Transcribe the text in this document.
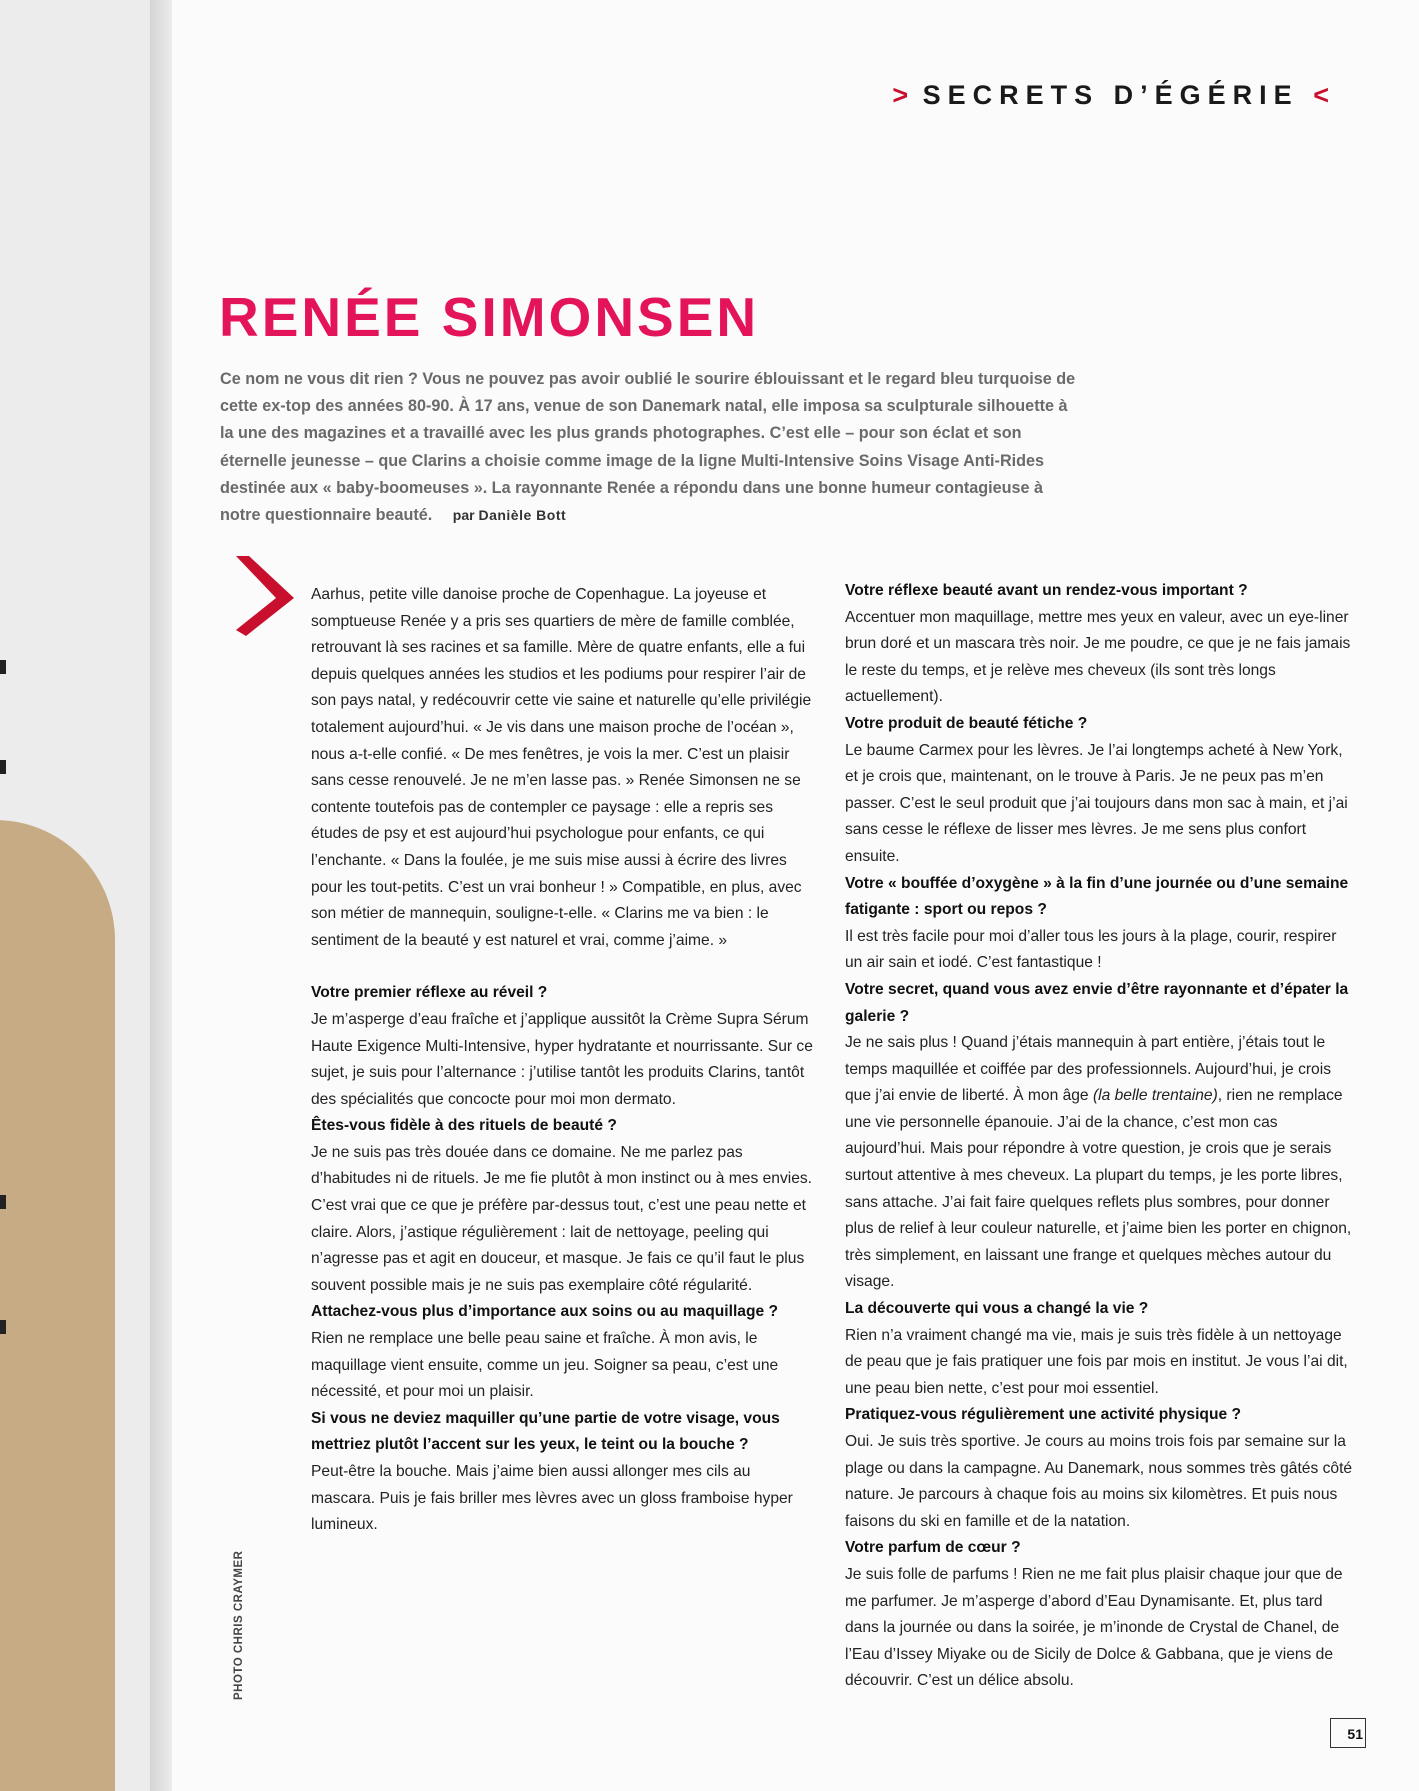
> SECRETS D’ÉGÉRIE <
RENÉE SIMONSEN

Ce nom ne vous dit rien ? Vous ne pouvez pas avoir oublié le sourire éblouissant et le regard bleu turquoise de cette ex-top des années 80-90. À 17 ans, venue de son Danemark natal, elle imposa sa sculpturale silhouette à la une des magazines et a travaillé avec les plus grands photographes. C’est elle – pour son éclat et son éternelle jeunesse – que Clarins a choisie comme image de la ligne Multi-Intensive Soins Visage Anti-Rides destinée aux « baby-boomeuses ». La rayonnante Renée a répondu dans une bonne humeur contagieuse à notre questionnaire beauté. par Danièle Bott

Aarhus, petite ville danoise proche de Copenhague. La joyeuse et somptueuse Renée y a pris ses quartiers de mère de famille comblée, retrouvant là ses racines et sa famille. Mère de quatre enfants, elle a fui depuis quelques années les studios et les podiums pour respirer l’air de son pays natal, y redécouvrir cette vie saine et naturelle qu’elle privilégie totalement aujourd’hui. « Je vis dans une maison proche de l’océan », nous a-t-elle confié. « De mes fenêtres, je vois la mer. C’est un plaisir sans cesse renouvelé. Je ne m’en lasse pas. » Renée Simonsen ne se contente toutefois pas de contempler ce paysage : elle a repris ses études de psy et est aujourd’hui psychologue pour enfants, ce qui l’enchante. « Dans la foulée, je me suis mise aussi à écrire des livres pour les tout-petits. C’est un vrai bonheur ! » Compatible, en plus, avec son métier de mannequin, souligne-t-elle. « Clarins me va bien : le sentiment de la beauté y est naturel et vrai, comme j’aime. »

Votre premier réflexe au réveil ?

Je m’asperge d’eau fraîche et j’applique aussitôt la Crème Supra Sérum Haute Exigence Multi-Intensive, hyper hydratante et nourrissante. Sur ce sujet, je suis pour l’alternance : j’utilise tantôt les produits Clarins, tantôt des spécialités que concocte pour moi mon dermato.

Êtes-vous fidèle à des rituels de beauté ?

Je ne suis pas très douée dans ce domaine. Ne me parlez pas d’habitudes ni de rituels. Je me fie plutôt à mon instinct ou à mes envies. C’est vrai que ce que je préfère par-dessus tout, c’est une peau nette et claire. Alors, j’astique régulièrement : lait de nettoyage, peeling qui n’agresse pas et agit en douceur, et masque. Je fais ce qu’il faut le plus souvent possible mais je ne suis pas exemplaire côté régularité.

Attachez-vous plus d’importance aux soins ou au maquillage ?

Rien ne remplace une belle peau saine et fraîche. À mon avis, le maquillage vient ensuite, comme un jeu. Soigner sa peau, c’est une nécessité, et pour moi un plaisir.

Si vous ne deviez maquiller qu’une partie de votre visage, vous mettriez plutôt l’accent sur les yeux, le teint ou la bouche ?

Peut-être la bouche. Mais j’aime bien aussi allonger mes cils au mascara. Puis je fais briller mes lèvres avec un gloss framboise hyper lumineux.

Votre réflexe beauté avant un rendez-vous important ?

Accentuer mon maquillage, mettre mes yeux en valeur, avec un eye-liner brun doré et un mascara très noir. Je me poudre, ce que je ne fais jamais le reste du temps, et je relève mes cheveux (ils sont très longs actuellement).

Votre produit de beauté fétiche ?

Le baume Carmex pour les lèvres. Je l’ai longtemps acheté à New York, et je crois que, maintenant, on le trouve à Paris. Je ne peux pas m’en passer. C’est le seul produit que j’ai toujours dans mon sac à main, et j’ai sans cesse le réflexe de lisser mes lèvres. Je me sens plus confort ensuite.

Votre « bouffée d’oxygène » à la fin d’une journée ou d’une semaine fatigante : sport ou repos ?

Il est très facile pour moi d’aller tous les jours à la plage, courir, respirer un air sain et iodé. C’est fantastique !

Votre secret, quand vous avez envie d’être rayonnante et d’épater la galerie ?

Je ne sais plus ! Quand j’étais mannequin à part entière, j’étais tout le temps maquillée et coiffée par des professionnels. Aujourd’hui, je crois que j’ai envie de liberté. À mon âge (la belle trentaine), rien ne remplace une vie personnelle épanouie. J’ai de la chance, c’est mon cas aujourd’hui. Mais pour répondre à votre question, je crois que je serais surtout attentive à mes cheveux. La plupart du temps, je les porte libres, sans attache. J’ai fait faire quelques reflets plus sombres, pour donner plus de relief à leur couleur naturelle, et j’aime bien les porter en chignon, très simplement, en laissant une frange et quelques mèches autour du visage.

La découverte qui vous a changé la vie ?

Rien n’a vraiment changé ma vie, mais je suis très fidèle à un nettoyage de peau que je fais pratiquer une fois par mois en institut. Je vous l’ai dit, une peau bien nette, c’est pour moi essentiel.

Pratiquez-vous régulièrement une activité physique ?

Oui. Je suis très sportive. Je cours au moins trois fois par semaine sur la plage ou dans la campagne. Au Danemark, nous sommes très gâtés côté nature. Je parcours à chaque fois au moins six kilomètres. Et puis nous faisons du ski en famille et de la natation.

Votre parfum de cœur ?

Je suis folle de parfums ! Rien ne me fait plus plaisir chaque jour que de me parfumer. Je m’asperge d’abord d’Eau Dynamisante. Et, plus tard dans la journée ou dans la soirée, je m’inonde de Crystal de Chanel, de l’Eau d’Issey Miyake ou de Sicily de Dolce & Gabbana, que je viens de découvrir. C’est un délice absolu.

PHOTO CHRIS CRAYMER
51
